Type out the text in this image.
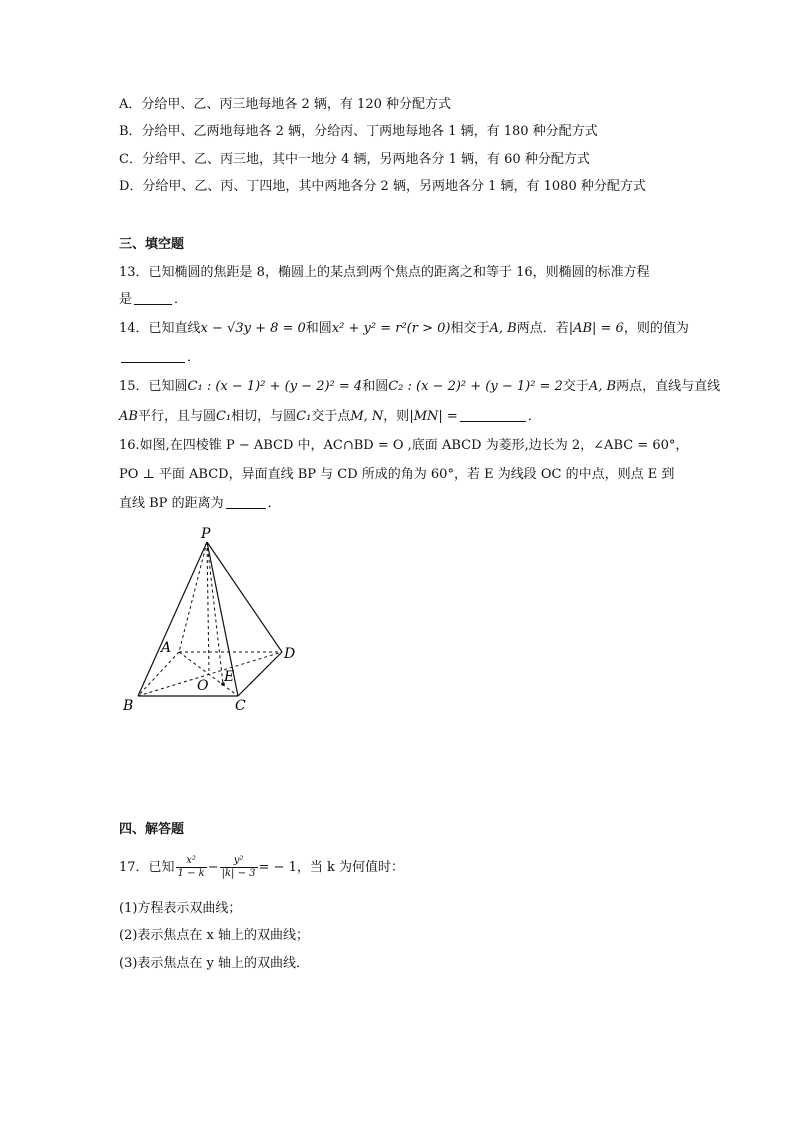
A．分给甲、乙、丙三地每地各 2 辆，有 120 种分配方式
B．分给甲、乙两地每地各 2 辆，分给丙、丁两地每地各 1 辆，有 180 种分配方式
C．分给甲、乙、丙三地，其中一地分 4 辆，另两地各分 1 辆，有 60 种分配方式
D．分给甲、乙、丙、丁四地，其中两地各分 2 辆，另两地各分 1 辆，有 1080 种分配方式
三、填空题
13．已知椭圆的焦距是 8，椭圆上的某点到两个焦点的距离之和等于 16，则椭圆的标准方程
是	．
14．已知直线x − √3y + 8 = 0和圆x² + y² = r²(r > 0)相交于A, B两点．若|AB| = 6，则的值为
．
15．已知圆C₁ : (x − 1)² + (y − 2)² = 4和圆C₂ : (x − 2)² + (y − 1)² = 2交于A, B两点，直线与直线
AB平行，且与圆C₁相切，与圆C₁交于点M, N，则|MN| =	．
16.如图,在四棱锥 P − ABCD 中，AC∩BD = O ,底面 ABCD 为菱形,边长为 2，∠ABC = 60°，
PO ⊥ 平面 ABCD，异面直线 BP 与 CD 所成的角为 60°，若 E 为线段 OC 的中点，则点 E 到
直线 BP 的距离为	．
P
A
B	C
D
O
E
四、解答题
17．已知 $\frac{\text{x²}}{1 - k} - \frac{\text{y²}}{|k| - 3}$ = − 1，当 k 为何值时：
(1)方程表示双曲线；
(2)表示焦点在 x 轴上的双曲线；
(3)表示焦点在 y 轴上的双曲线．
